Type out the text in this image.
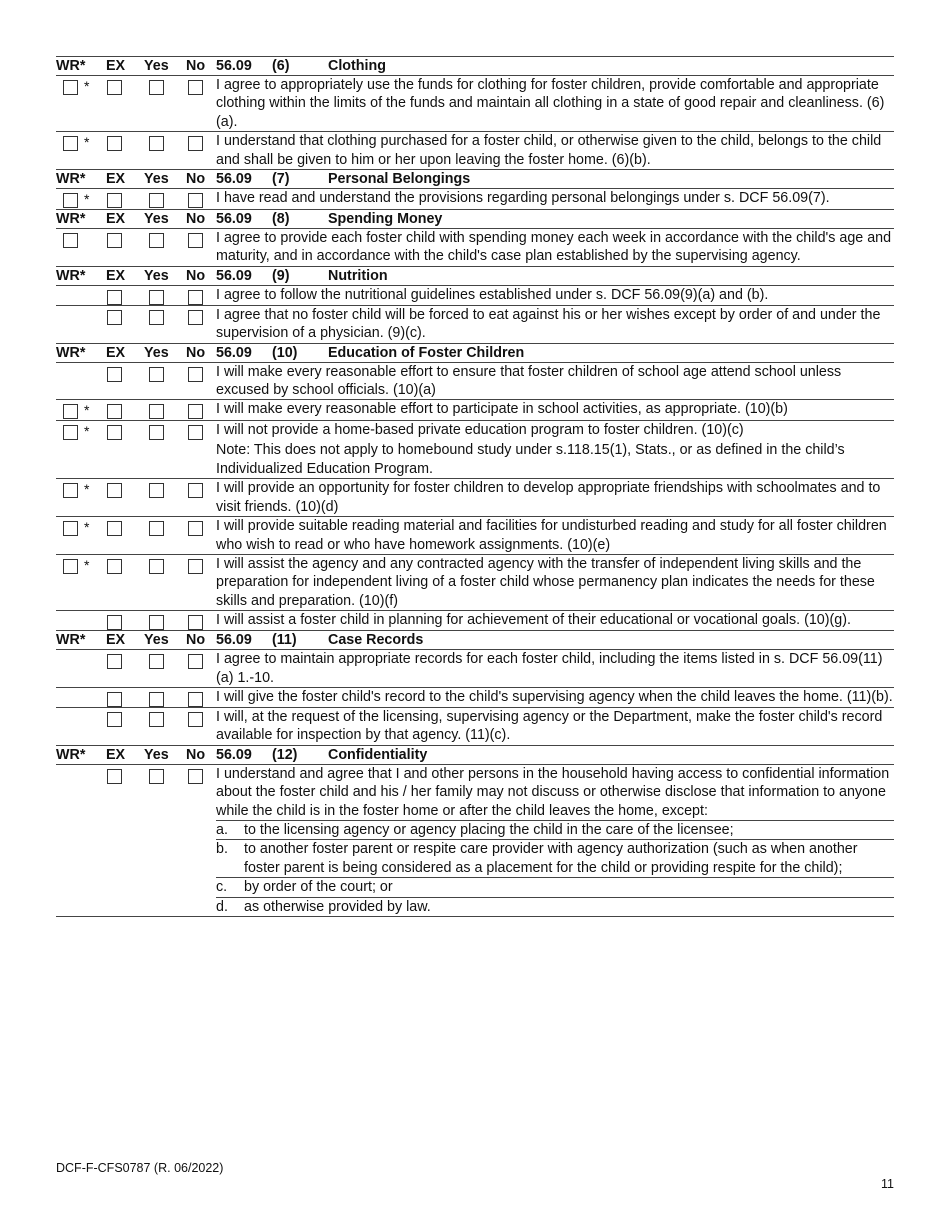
WR*	EX	Yes	No	56.09 (6) Clothing
*				I agree to appropriately use the funds for clothing for foster children, provide comfortable and appropriate clothing within the limits of the funds and maintain all clothing in a state of good repair and cleanliness. (6)(a).
*				I understand that clothing purchased for a foster child, or otherwise given to the child, belongs to the child and shall be given to him or her upon leaving the foster home. (6)(b).
WR*	EX	Yes	No	56.09 (7) Personal Belongings
*				I have read and understand the provisions regarding personal belongings under s. DCF 56.09(7).
WR*	EX	Yes	No	56.09 (8) Spending Money
				I agree to provide each foster child with spending money each week in accordance with the child's age and maturity, and in accordance with the child's case plan established by the supervising agency.
WR*	EX	Yes	No	56.09 (9) Nutrition
				I agree to follow the nutritional guidelines established under s. DCF 56.09(9)(a) and (b).
				I agree that no foster child will be forced to eat against his or her wishes except by order of and under the supervision of a physician. (9)(c).
WR*	EX	Yes	No	56.09 (10) Education of Foster Children
				I will make every reasonable effort to ensure that foster children of school age attend school unless excused by school officials. (10)(a)
*				I will make every reasonable effort to participate in school activities, as appropriate. (10)(b)
*				I will not provide a home-based private education program to foster children. (10)(c)
				Note: This does not apply to homebound study under s.118.15(1), Stats., or as defined in the child’s Individualized Education Program.
*				I will provide an opportunity for foster children to develop appropriate friendships with schoolmates and to visit friends. (10)(d)
*				I will provide suitable reading material and facilities for undisturbed reading and study for all foster children who wish to read or who have homework assignments. (10)(e)
*				I will assist the agency and any contracted agency with the transfer of independent living skills and the preparation for independent living of a foster child whose permanency plan indicates the needs for these skills and preparation. (10)(f)
				I will assist a foster child in planning for achievement of their educational or vocational goals. (10)(g).
WR*	EX	Yes	No	56.09 (11) Case Records
				I agree to maintain appropriate records for each foster child, including the items listed in s. DCF 56.09(11)(a) 1.-10.
				I will give the foster child's record to the child's supervising agency when the child leaves the home. (11)(b).
				I will, at the request of the licensing, supervising agency or the Department, make the foster child's record available for inspection by that agency. (11)(c).
WR*	EX	Yes	No	56.09 (12) Confidentiality
				I understand and agree that I and other persons in the household having access to confidential information about the foster child and his / her family may not discuss or otherwise disclose that information to anyone while the child is in the foster home or after the child leaves the home, except:

				a. to the licensing agency or agency placing the child in the care of the licensee;

				b. to another foster parent or respite care provider with agency authorization (such as when another foster parent is being considered as a placement for the child or providing respite for the child);

				c. by order of the court; or

				d. as otherwise provided by law.

DCF-F-CFS0787 (R. 06/2022)
11
